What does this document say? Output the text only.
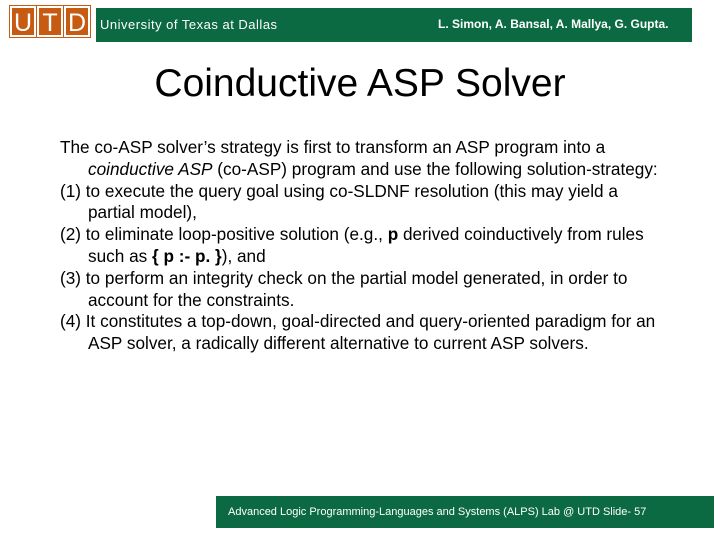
U T D	University of Texas at Dallas	L. Simon, A. Bansal, A. Mallya, G. Gupta.
Coinductive ASP Solver

The co-ASP solver’s strategy is first to transform an ASP program into a coinductive ASP (co-ASP) program and use the following solution-strategy:

(1) to execute the query goal using co-SLDNF resolution (this may yield a partial model),

(2) to eliminate loop-positive solution (e.g., p derived coinductively from rules such as { p :- p. }), and

(3) to perform an integrity check on the partial model generated, in order to account for the constraints.

(4) It constitutes a top-down, goal-directed and query-oriented paradigm for an ASP solver, a radically different alternative to current ASP solvers.

Advanced Logic Programming-Languages and Systems (ALPS) Lab @ UTD Slide- 57
